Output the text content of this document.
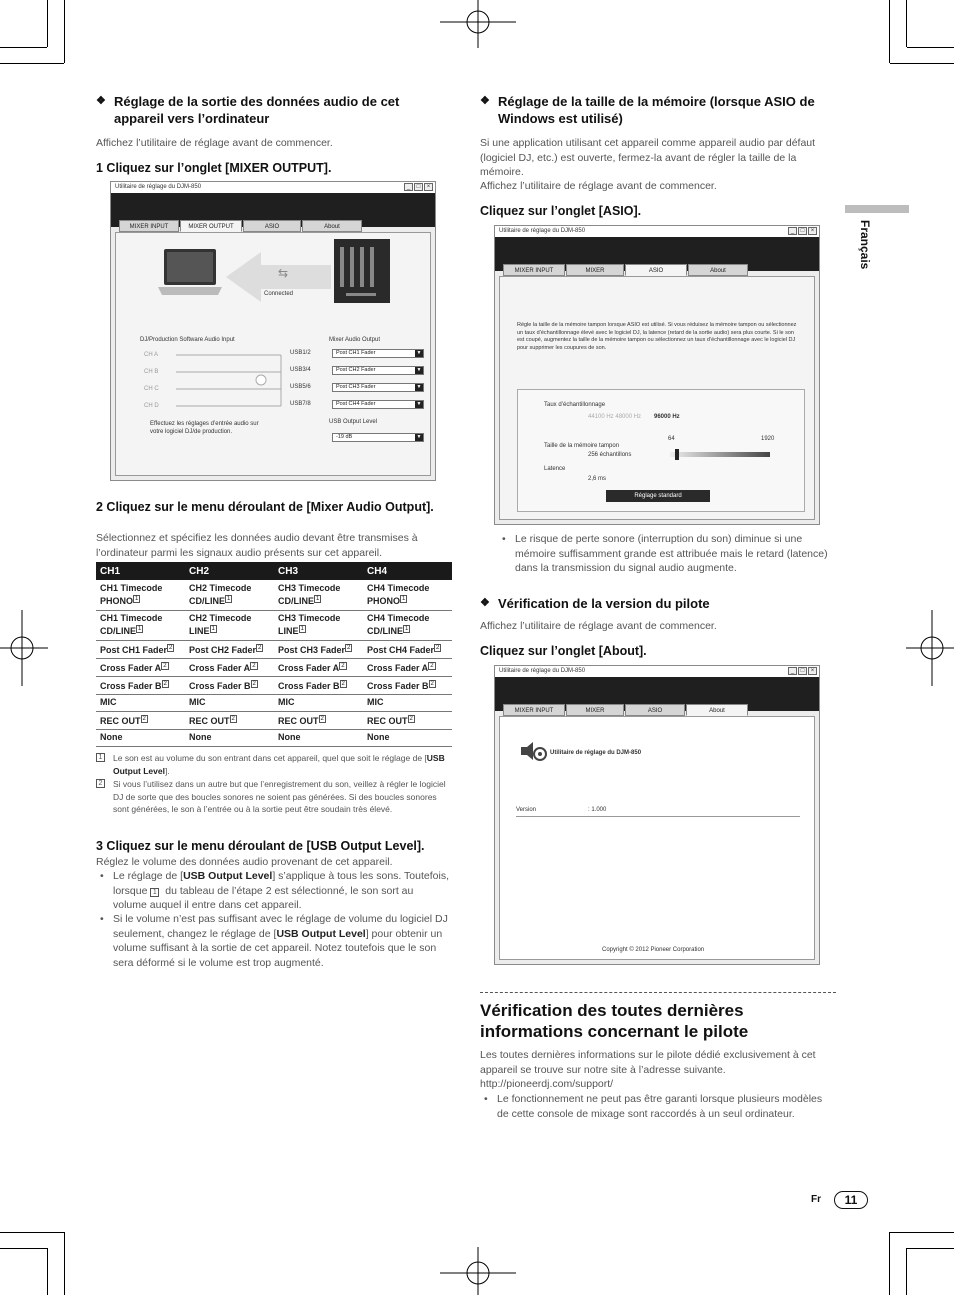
Français
❖ Réglage de la sortie des données audio de cet appareil vers l’ordinateur
Affichez l’utilitaire de réglage avant de commencer.
1 Cliquez sur l’onglet [MIXER OUTPUT].
Utilitaire de réglage du DJM-850	_	□	×
MIXER INPUT	MIXER OUTPUT	ASIO	About
⇆
Connected
DJ/Production Software Audio Input
CH A
CH B
CH C
CH D
Effectuez les réglages d’entrée audio sur votre logiciel DJ/de production.
Mixer Audio Output
USB1/2
USB3/4
USB5/6
USB7/8
Post CH1 Fader ▼
Post CH2 Fader ▼
Post CH3 Fader ▼
Post CH4 Fader ▼
USB Output Level
-19 dB ▼
2 Cliquez sur le menu déroulant de [Mixer Audio Output].
Sélectionnez et spécifiez les données audio devant être transmises à l’ordinateur parmi les signaux audio présents sur cet appareil.
CH1	CH2	CH3	CH4
CH1 Timecode PHONO $^1$	CH2 Timecode CD/LINE $^1$	CH3 Timecode CD/LINE $^1$	CH4 Timecode PHONO $^1$
CH1 Timecode CD/LINE $^1$	CH2 Timecode LINE $^1$	CH3 Timecode LINE $^1$	CH4 Timecode CD/LINE $^1$
Post CH1 Fader $^2$	Post CH2 Fader $^2$	Post CH3 Fader $^2$	Post CH4 Fader $^2$
Cross Fader A $^2$	Cross Fader A $^2$	Cross Fader A $^2$	Cross Fader A $^2$
Cross Fader B $^2$	Cross Fader B $^2$	Cross Fader B $^2$	Cross Fader B $^2$
MIC	MIC	MIC	MIC
REC OUT $^2$	REC OUT $^2$	REC OUT $^2$	REC OUT $^2$
None	None	None	None
1 Le son est au volume du son entrant dans cet appareil, quel que soit le réglage de [USB Output Level].
2 Si vous l’utilisez dans un autre but que l’enregistrement du son, veillez à régler le logiciel DJ de sorte que des boucles sonores ne soient pas générées. Si des boucles sonores sont générées, le son à l’entrée ou à la sortie peut être soudain très élevé.
3 Cliquez sur le menu déroulant de [USB Output Level].
Réglez le volume des données audio provenant de cet appareil.
• Le réglage de [USB Output Level] s’applique à tous les sons. Toutefois, lorsque 1 du tableau de l’étape 2 est sélectionné, le son sort au volume auquel il entre dans cet appareil.
• Si le volume n’est pas suffisant avec le réglage de volume du logiciel DJ seulement, changez le réglage de [USB Output Level] pour obtenir un volume suffisant à la sortie de cet appareil. Notez toutefois que le son sera déformé si le volume est trop augmenté.
❖ Réglage de la taille de la mémoire (lorsque ASIO de Windows est utilisé)
Si une application utilisant cet appareil comme appareil audio par défaut (logiciel DJ, etc.) est ouverte, fermez-la avant de régler la taille de la mémoire.
Affichez l’utilitaire de réglage avant de commencer.
Cliquez sur l’onglet [ASIO].
Utilitaire de réglage du DJM-850	_	□	×
MIXER INPUT	MIXER	ASIO	About
Régle la taille de la mémoire tampon lorsque ASIO est utilisé. Si vous réduisez la mémoire tampon ou sélectionnez un taux d’échantillonnage élevé avec le logiciel DJ, la latence (retard de la sortie audio) sera plus courte. Si le son est coupé, augmentez la taille de la mémoire tampon ou sélectionnez un taux d’échantillonnage avec le logiciel DJ pour supprimer les coupures de son.
Taux d’échantillonnage
44100 Hz 48000 Hz 96000 Hz
64	1920
Taille de la mémoire tampon
256 échantillons
Latence
2,6 ms
Réglage standard
• Le risque de perte sonore (interruption du son) diminue si une mémoire suffisamment grande est attribuée mais le retard (latence) dans la transmission du signal audio augmente.
❖ Vérification de la version du pilote
Affichez l’utilitaire de réglage avant de commencer.
Cliquez sur l’onglet [About].
Utilitaire de réglage du DJM-850	_	□	×
MIXER INPUT	MIXER	ASIO	About
Utilitaire de réglage du DJM-850
Version	: 1.000
Copyright © 2012 Pioneer Corporation
Vérification des toutes dernières informations concernant le pilote
Les toutes dernières informations sur le pilote dédié exclusivement à cet appareil se trouve sur notre site à l’adresse suivante.
http://pioneerdj.com/support/
• Le fonctionnement ne peut pas être garanti lorsque plusieurs modèles de cette console de mixage sont raccordés à un seul ordinateur.
Fr	11
